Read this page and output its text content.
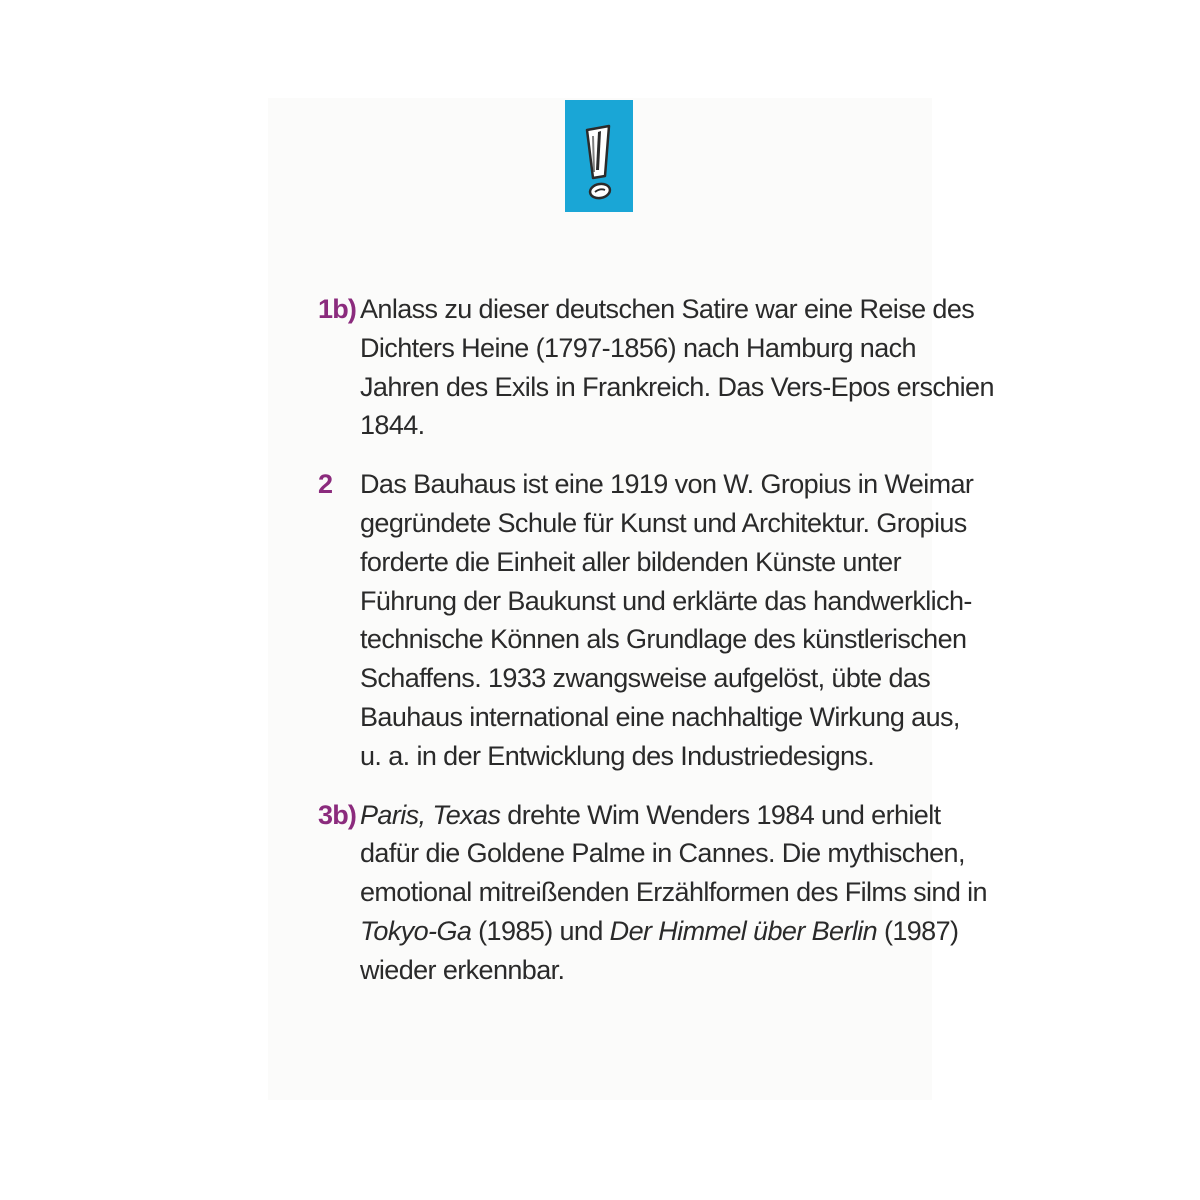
1b) Anlass zu dieser deutschen Satire war eine Reise des
Dichters Heine (1797-1856) nach Hamburg nach
Jahren des Exils in Frankreich. Das Vers-Epos erschien
1844.
2	Das Bauhaus ist eine 1919 von W. Gropius in Weimar
gegründete Schule für Kunst und Architektur. Gropius
forderte die Einheit aller bildenden Künste unter
Führung der Baukunst und erklärte das handwerklich-
technische Können als Grundlage des künstlerischen
Schaffens. 1933 zwangsweise aufgelöst, übte das
Bauhaus international eine nachhaltige Wirkung aus,
u. a. in der Entwicklung des Industriedesigns.
3b) Paris, Texas drehte Wim Wenders 1984 und erhielt
dafür die Goldene Palme in Cannes. Die mythischen,
emotional mitreißenden Erzählformen des Films sind in
Tokyo-Ga (1985) und Der Himmel über Berlin (1987)
wieder erkennbar.
